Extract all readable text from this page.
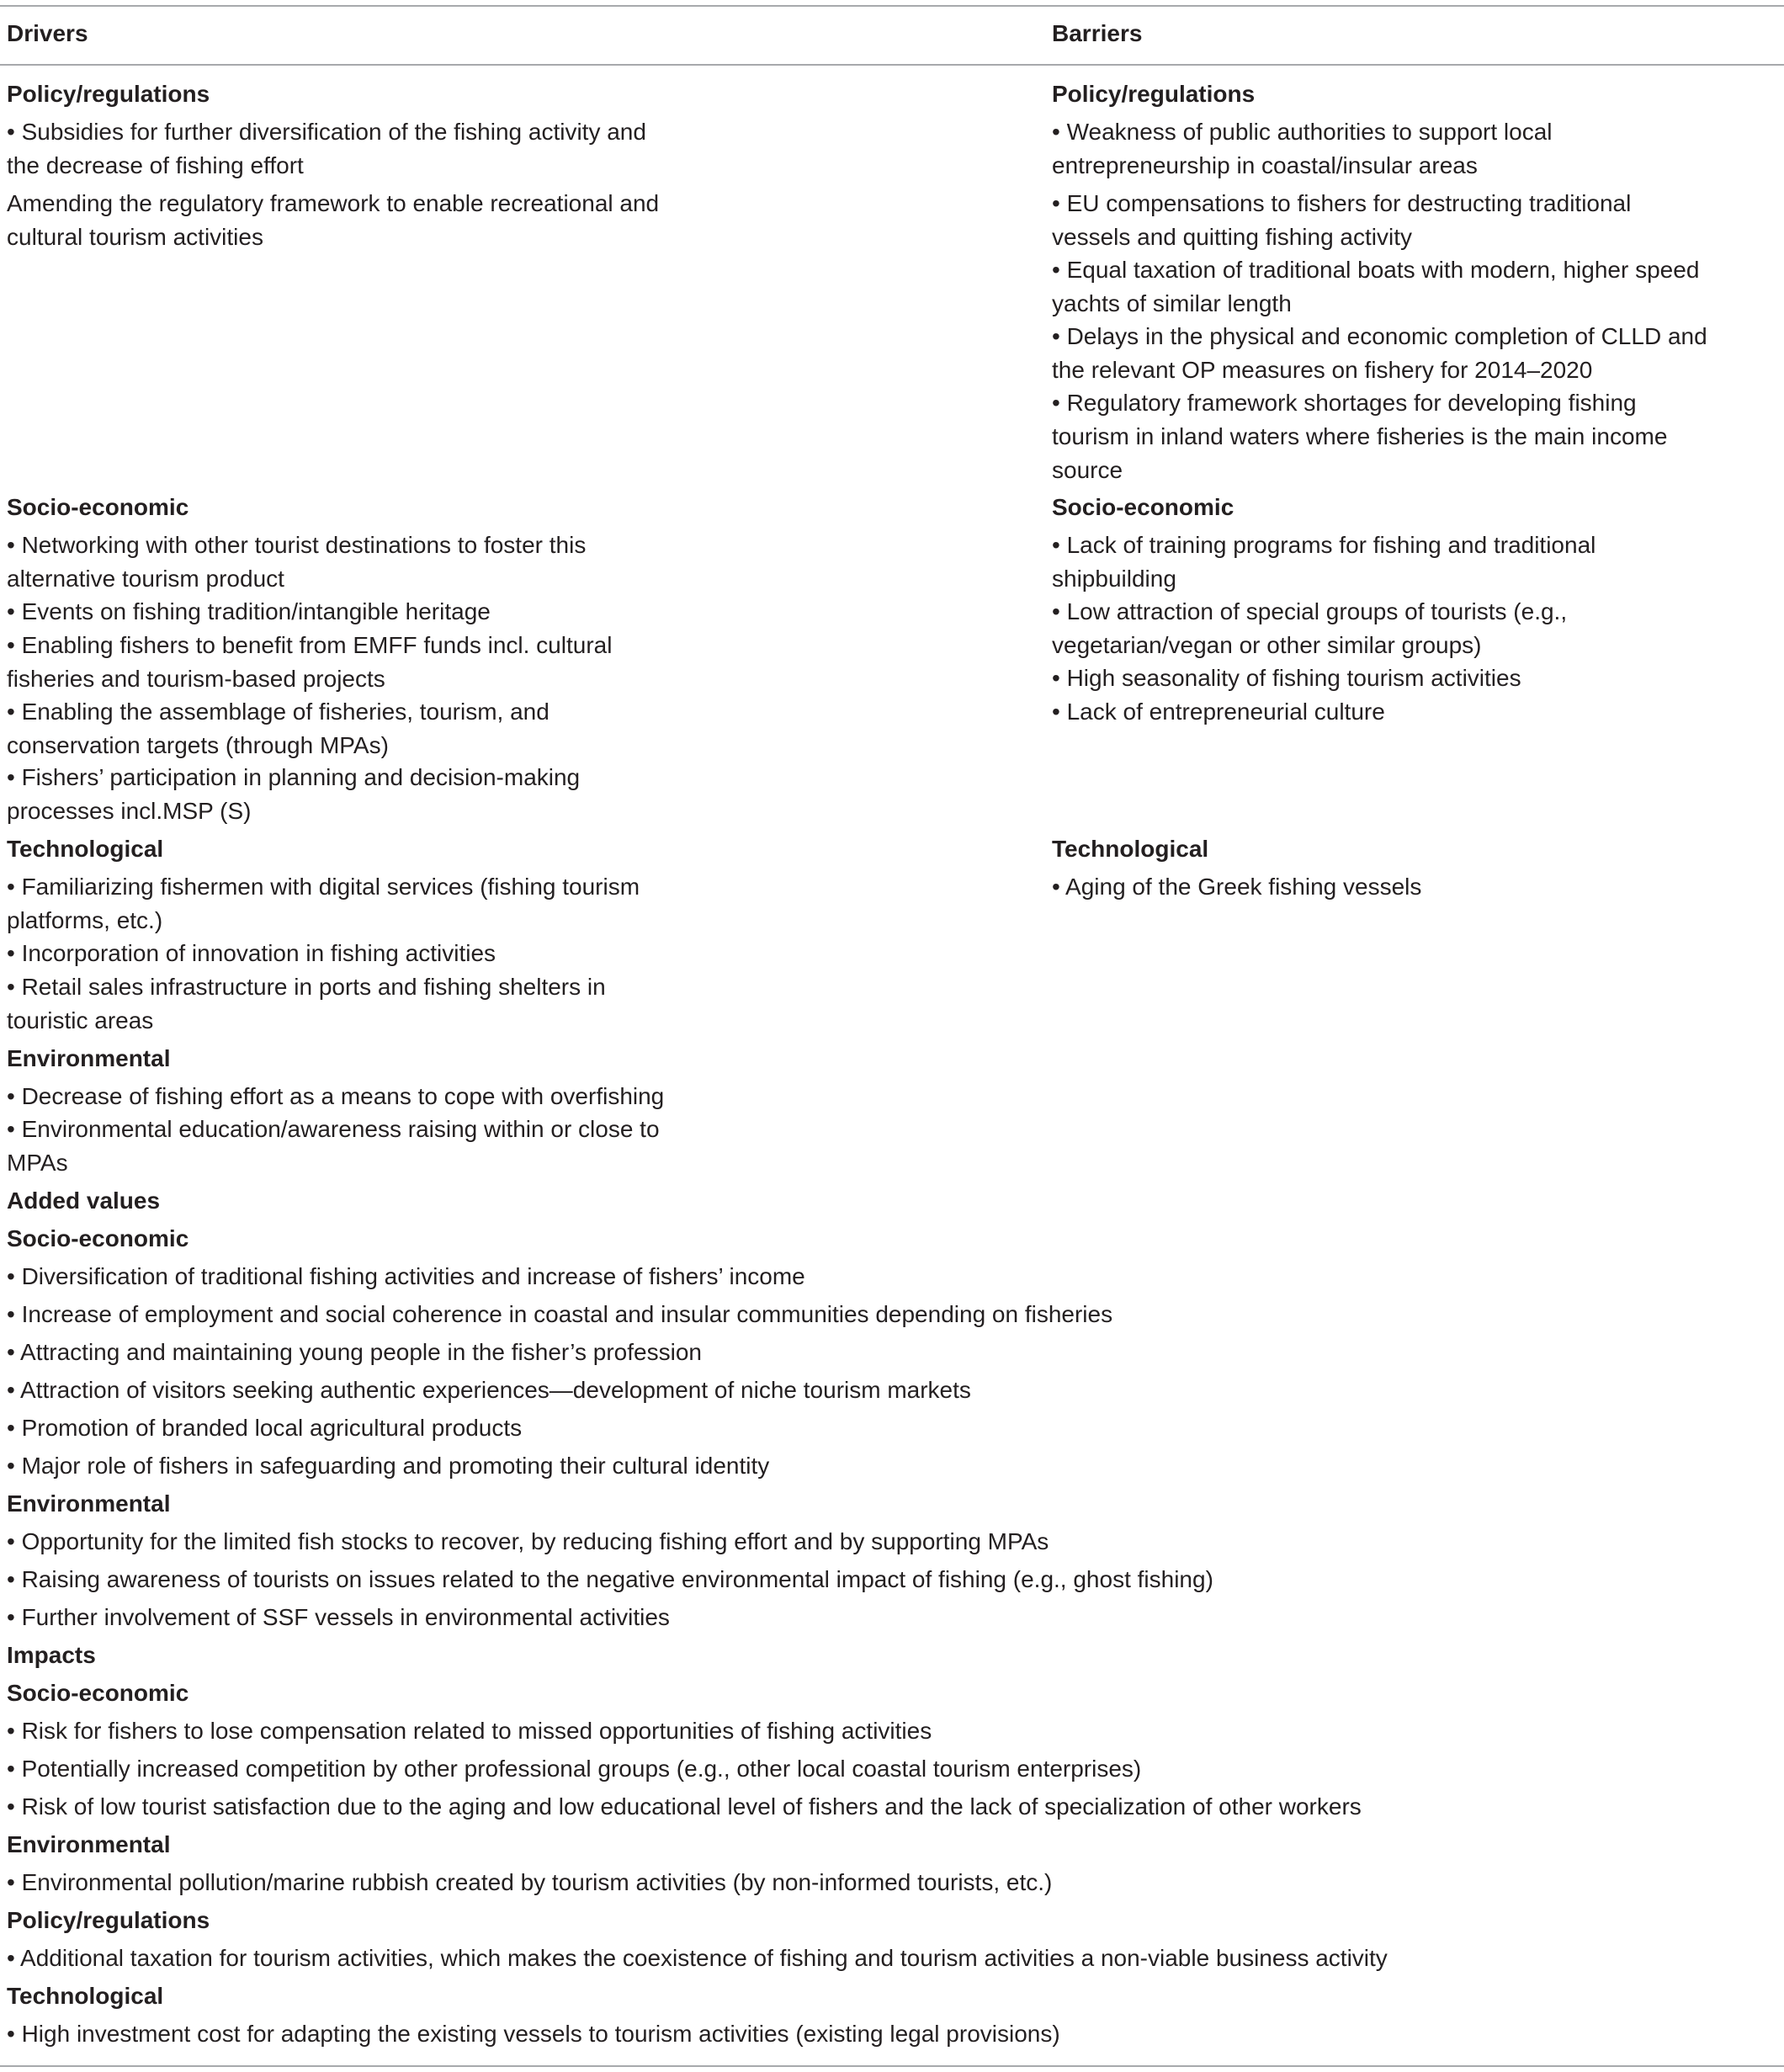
Drivers	Barriers
Policy/regulations
• Subsidies for further diversification of the fishing activity and
the decrease of fishing effort
Amending the regulatory framework to enable recreational and
cultural tourism activities
Socio-economic
• Networking with other tourist destinations to foster this
alternative tourism product
• Events on fishing tradition/intangible heritage
• Enabling fishers to benefit from EMFF funds incl. cultural
fisheries and tourism-based projects
• Enabling the assemblage of fisheries, tourism, and
conservation targets (through MPAs)
• Fishers’ participation in planning and decision-making
processes incl.MSP (S)
Technological
• Familiarizing fishermen with digital services (fishing tourism
platforms, etc.)
• Incorporation of innovation in fishing activities
• Retail sales infrastructure in ports and fishing shelters in
touristic areas
Environmental
• Decrease of fishing effort as a means to cope with overfishing
• Environmental education/awareness raising within or close to
MPAs
Policy/regulations
• Weakness of public authorities to support local
entrepreneurship in coastal/insular areas
• EU compensations to fishers for destructing traditional
vessels and quitting fishing activity
• Equal taxation of traditional boats with modern, higher speed
yachts of similar length
• Delays in the physical and economic completion of CLLD and
the relevant OP measures on fishery for 2014–2020
• Regulatory framework shortages for developing fishing
tourism in inland waters where fisheries is the main income
source
Socio-economic
• Lack of training programs for fishing and traditional
shipbuilding
• Low attraction of special groups of tourists (e.g.,
vegetarian/vegan or other similar groups)
• High seasonality of fishing tourism activities
• Lack of entrepreneurial culture
Technological
• Aging of the Greek fishing vessels
Added values
Socio-economic
• Diversification of traditional fishing activities and increase of fishers’ income
• Increase of employment and social coherence in coastal and insular communities depending on fisheries
• Attracting and maintaining young people in the fisher’s profession
• Attraction of visitors seeking authentic experiences—development of niche tourism markets
• Promotion of branded local agricultural products
• Major role of fishers in safeguarding and promoting their cultural identity
Environmental
• Opportunity for the limited fish stocks to recover, by reducing fishing effort and by supporting MPAs
• Raising awareness of tourists on issues related to the negative environmental impact of fishing (e.g., ghost fishing)
• Further involvement of SSF vessels in environmental activities
Impacts
Socio-economic
• Risk for fishers to lose compensation related to missed opportunities of fishing activities
• Potentially increased competition by other professional groups (e.g., other local coastal tourism enterprises)
• Risk of low tourist satisfaction due to the aging and low educational level of fishers and the lack of specialization of other workers
Environmental
• Environmental pollution/marine rubbish created by tourism activities (by non-informed tourists, etc.)
Policy/regulations
• Additional taxation for tourism activities, which makes the coexistence of fishing and tourism activities a non-viable business activity
Technological
• High investment cost for adapting the existing vessels to tourism activities (existing legal provisions)
